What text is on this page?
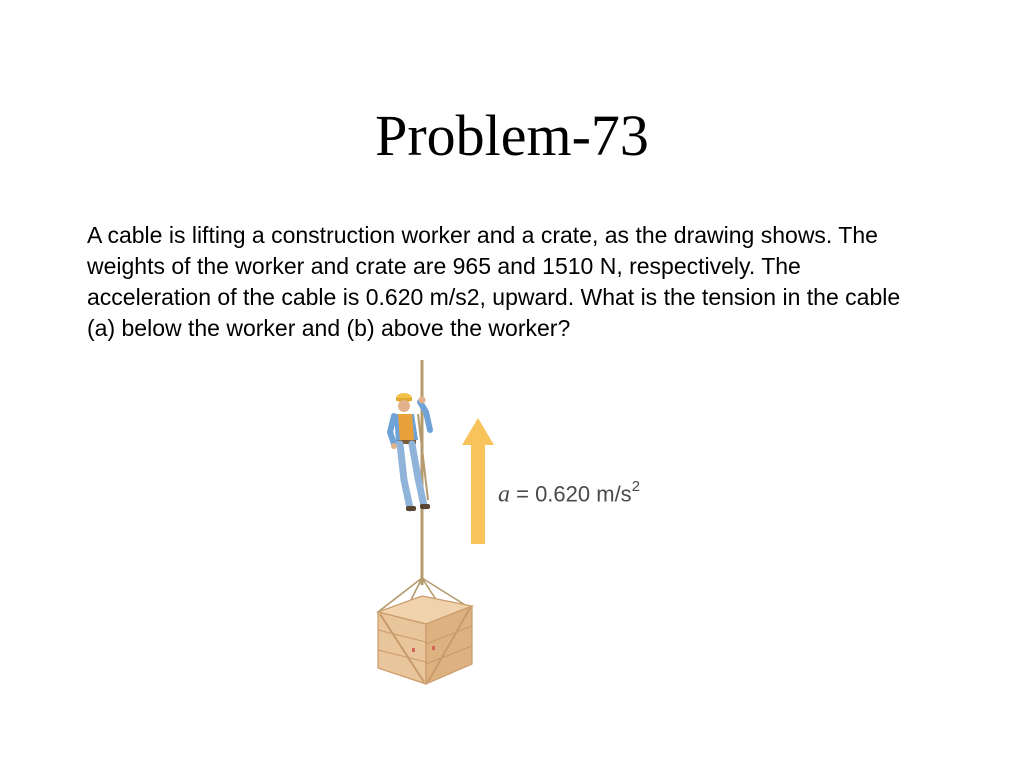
Problem-73

A cable is lifting a construction worker and a crate, as the drawing shows. The weights of the worker and crate are 965 and 1510 N, respectively. The acceleration of the cable is 0.620 m/s2, upward. What is the tension in the cable (a) below the worker and (b) above the worker?

a = 0.620 $m/s^2$
